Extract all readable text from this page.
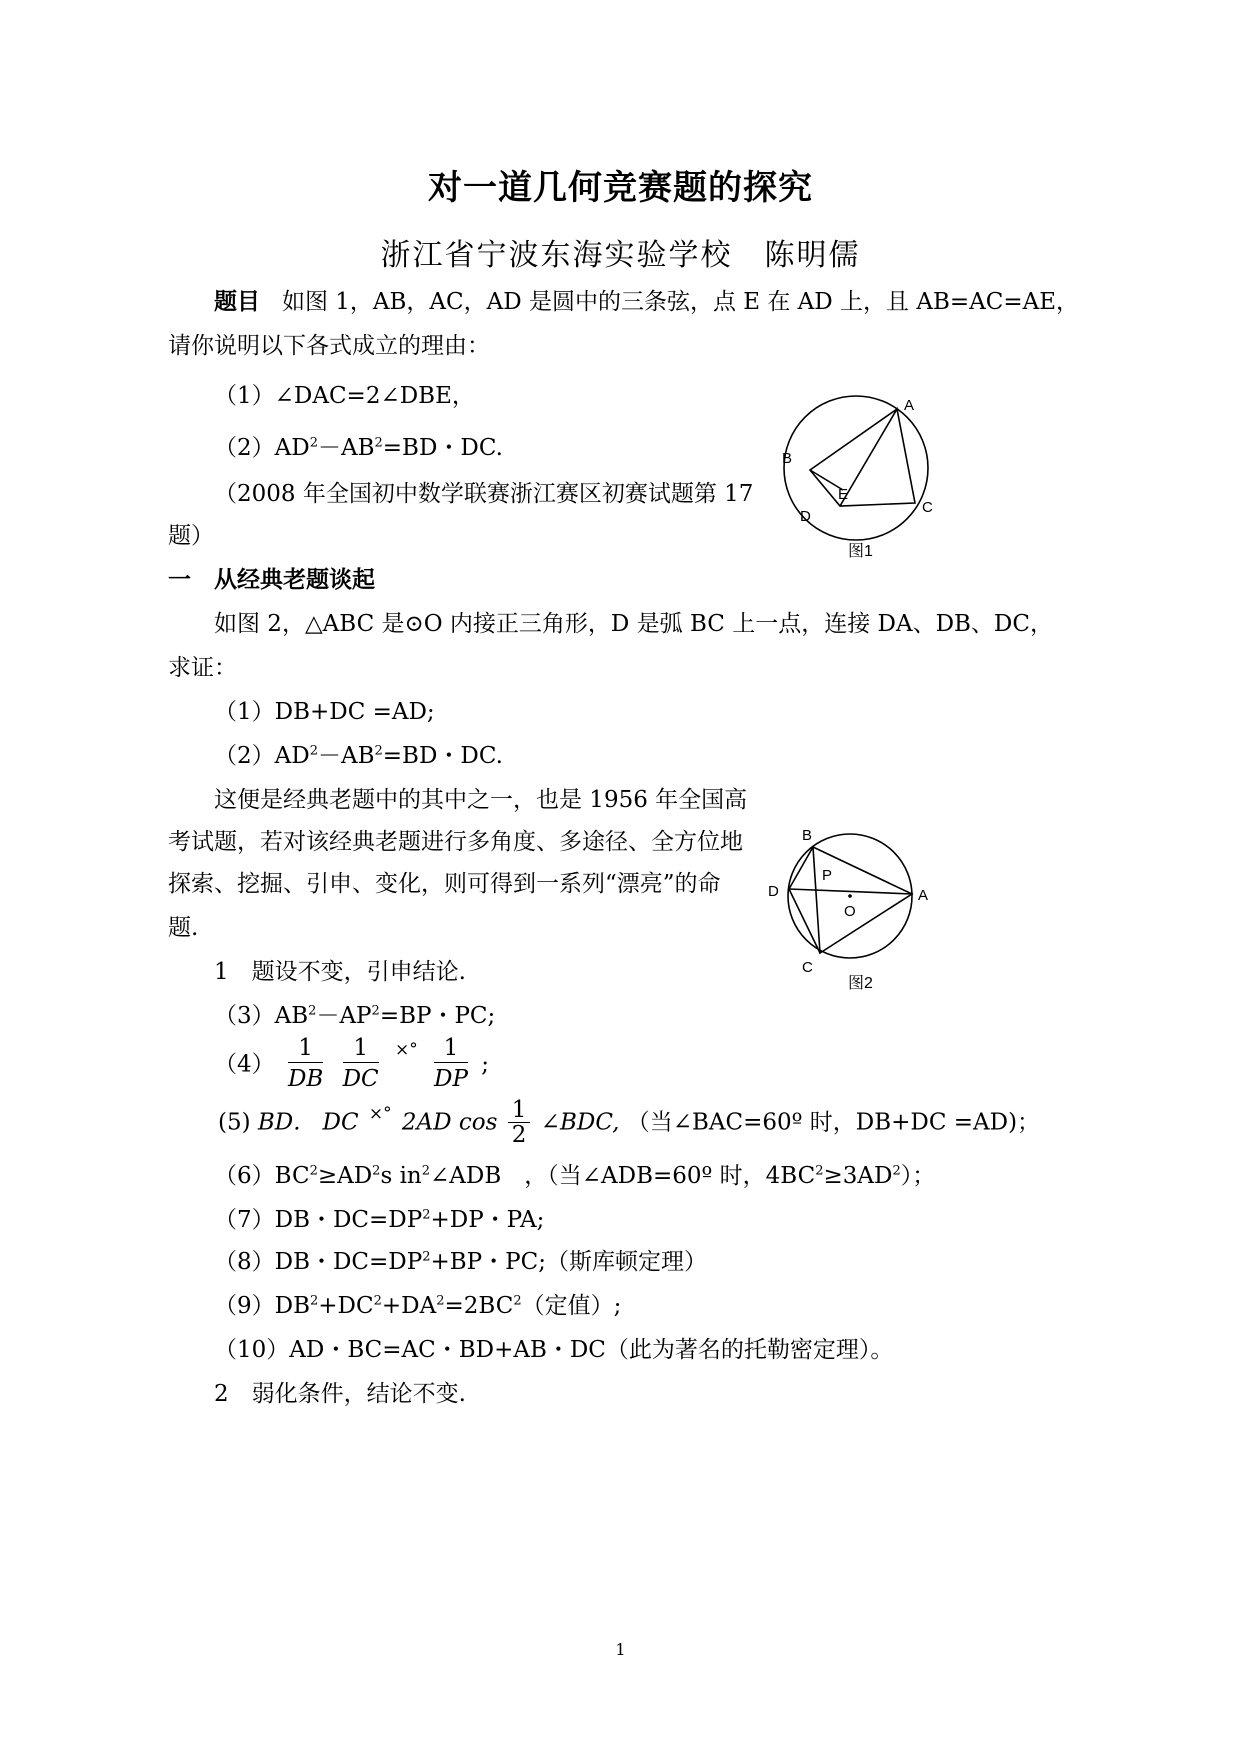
对一道几何竞赛题的探究
浙江省宁波东海实验学校　陈明儒
题目 如图 1，AB，AC，AD 是圆中的三条弦，点 E 在 AD 上，且 AB=AC=AE，
请你说明以下各式成立的理由：
（1）∠DAC=2∠DBE，
$(2)AD^2-AB^2=BD$・DC.
（2008 年全国初中数学联赛浙江赛区初赛试题第 17
题）
A
B
C
D
E
图1
一　从经典老题谈起
如图 2，△ABC 是⊙O 内接正三角形，D 是弧 BC 上一点，连接 DA、DB、DC，
求证：
（1）DB+DC =AD;
$(2)AD^2-AB^2=BD$・DC.
这便是经典老题中的其中之一，也是 1956 年全国高
考试题，若对该经典老题进行多角度、多途径、全方位地
探索、挖掘、引申、变化，则可得到一系列“漂亮”的命
题.
B
A
C
D
P
O
图2
1　题设不变，引申结论.
$(3)AB^2-AP^2=BP$・PC;
$(4) \frac{1}{DB}$
$\frac{1}{DC} ^{\times^\circ} \frac{1}{DP}$ ;
(5) BD. DC ×° 2AD $\cos \frac{1}{2}$ ∠BDC, （当∠BAC=60º 时，DB+DC =AD)；
$(6)BC^2\ge AD^2s$ $in^2\angle ADB$　，（当∠ADB=60º 时，$4BC^2\ge 3AD^2$）；
（7）DB・$DC=DP^2+DP$・PA;
（8）DB・$DC=DP^2+BP$・PC;（斯库顿定理）
$(9)DB^2+DC^2+DA^2=2BC^2$（定值）;
（10）AD・BC=AC・BD+AB・DC（此为著名的托勒密定理）。
2　弱化条件，结论不变.
1
